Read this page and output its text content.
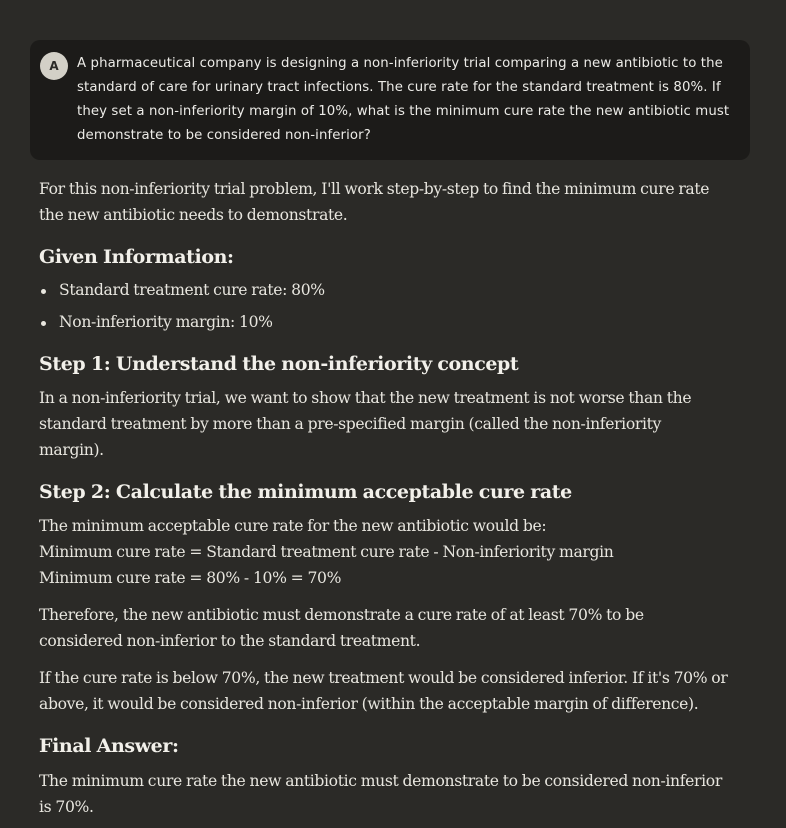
A	A pharmaceutical company is designing a non-inferiority trial comparing a new antibiotic to the standard of care for urinary tract infections. The cure rate for the standard treatment is 80%. If they set a non-inferiority margin of 10%, what is the minimum cure rate the new antibiotic must demonstrate to be considered non-inferior?

For this non-inferiority trial problem, I'll work step-by-step to find the minimum cure rate the new antibiotic needs to demonstrate.

Given Information:
Standard treatment cure rate: 80%
Non-inferiority margin: 10%
Step 1: Understand the non-inferiority concept

In a non-inferiority trial, we want to show that the new treatment is not worse than the standard treatment by more than a pre-specified margin (called the non-inferiority margin).

Step 2: Calculate the minimum acceptable cure rate

The minimum acceptable cure rate for the new antibiotic would be:
Minimum cure rate = Standard treatment cure rate - Non-inferiority margin
Minimum cure rate = 80% - 10% = 70%

Therefore, the new antibiotic must demonstrate a cure rate of at least 70% to be considered non-inferior to the standard treatment.

If the cure rate is below 70%, the new treatment would be considered inferior. If it's 70% or above, it would be considered non-inferior (within the acceptable margin of difference).

Final Answer:

The minimum cure rate the new antibiotic must demonstrate to be considered non-inferior is 70%.
